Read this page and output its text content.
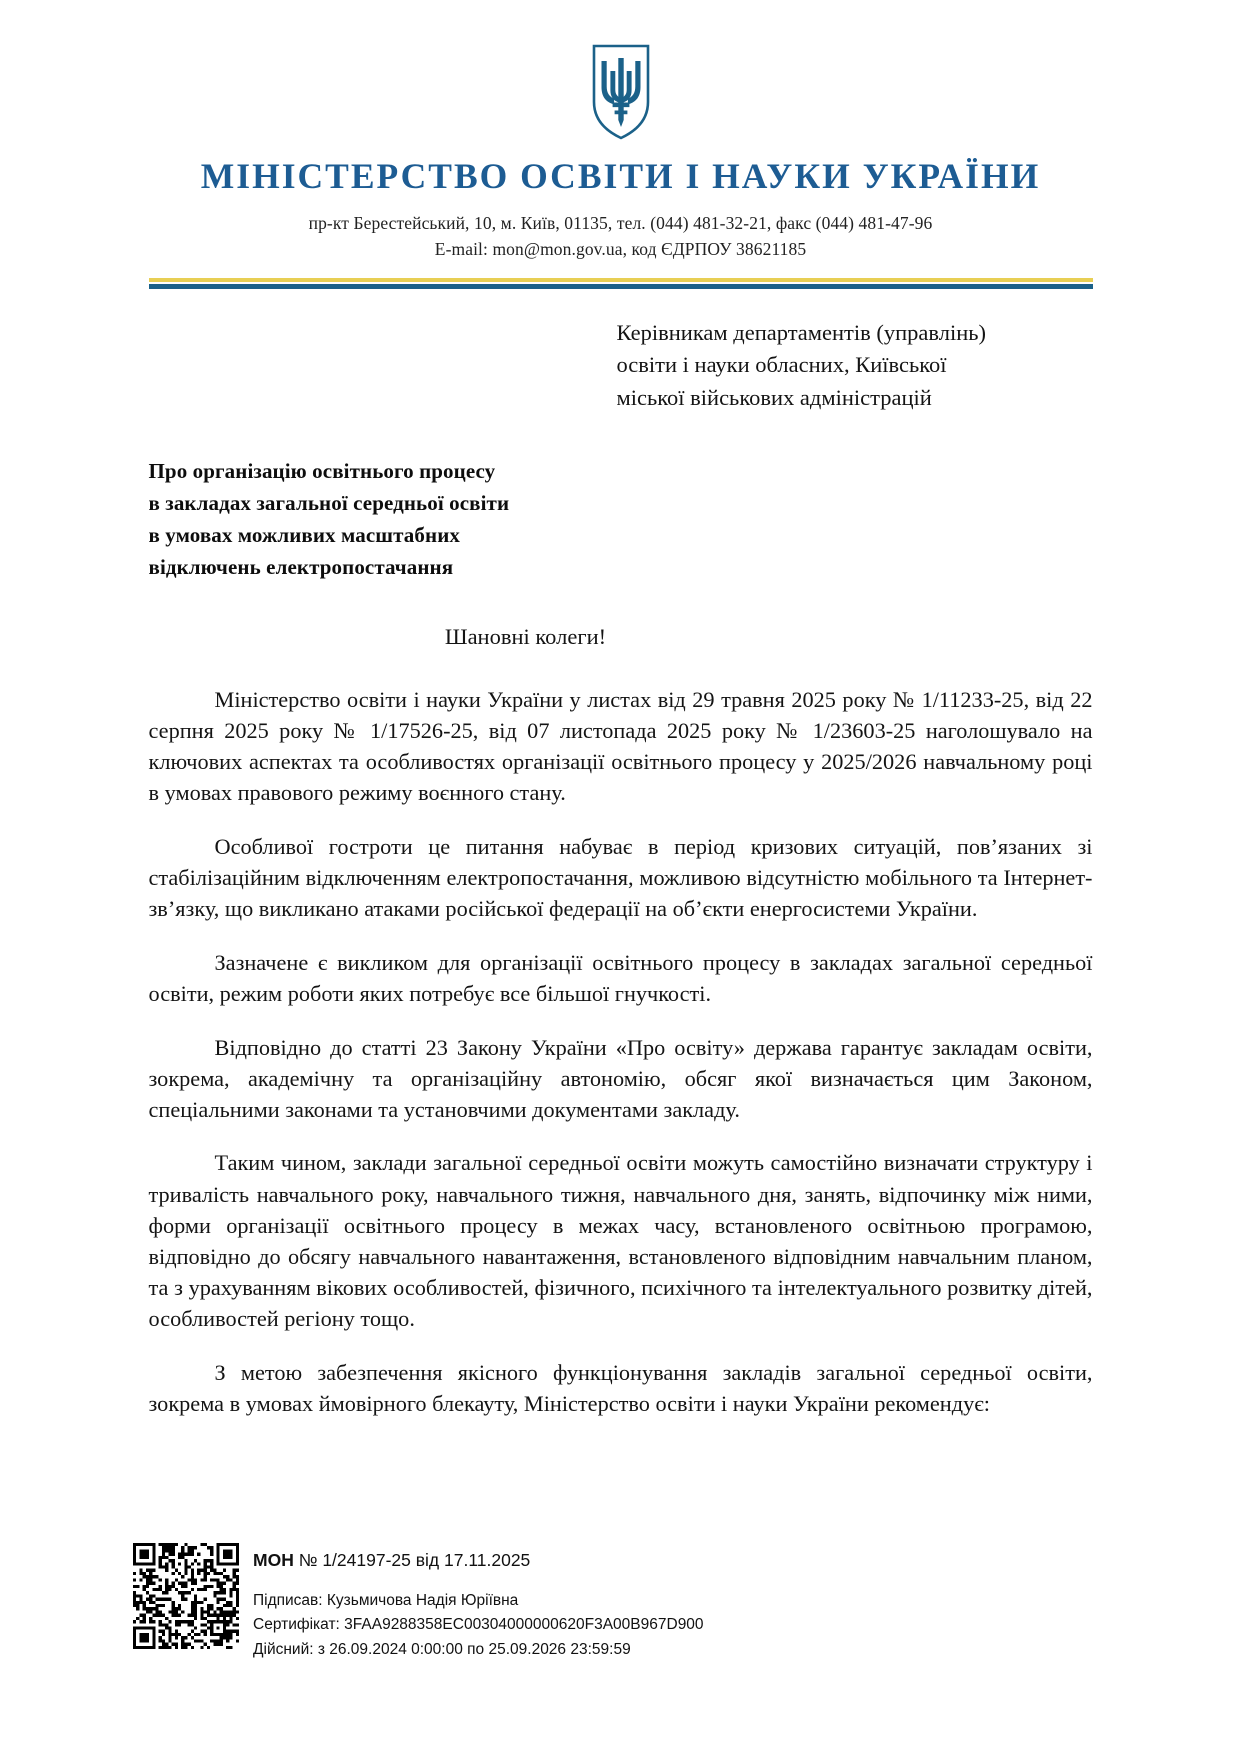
МІНІСТЕРСТВО ОСВІТИ І НАУКИ УКРАЇНИ
пр-кт Берестейський, 10, м. Київ, 01135, тел. (044) 481-32-21, факс (044) 481-47-96
E-mail: mon@mon.gov.ua, код ЄДРПОУ 38621185
Керівникам департаментів (управлінь)
освіти і науки обласних, Київської
міської військових адміністрацій
Про організацію освітнього процесу
в закладах загальної середньої освіти
в умовах можливих масштабних
відключень електропостачання
Шановні колеги!

Міністерство освіти і науки України у листах від 29 травня 2025 року № 1/11233-25, від 22 серпня 2025 року № 1/17526-25, від 07 листопада 2025 року № 1/23603-25 наголошувало на ключових аспектах та особливостях організації освітнього процесу у 2025/2026 навчальному році в умовах правового режиму воєнного стану.

Особливої гостроти це питання набуває в період кризових ситуацій, пов’язаних зі стабілізаційним відключенням електропостачання, можливою відсутністю мобільного та Інтернет-зв’язку, що викликано атаками російської федерації на об’єкти енергосистеми України.

Зазначене є викликом для організації освітнього процесу в закладах загальної середньої освіти, режим роботи яких потребує все більшої гнучкості.

Відповідно до статті 23 Закону України «Про освіту» держава гарантує закладам освіти, зокрема, академічну та організаційну автономію, обсяг якої визначається цим Законом, спеціальними законами та установчими документами закладу.

Таким чином, заклади загальної середньої освіти можуть самостійно визначати структуру і тривалість навчального року, навчального тижня, навчального дня, занять, відпочинку між ними, форми організації освітнього процесу в межах часу, встановленого освітньою програмою, відповідно до обсягу навчального навантаження, встановленого відповідним навчальним планом, та з урахуванням вікових особливостей, фізичного, психічного та інтелектуального розвитку дітей, особливостей регіону тощо.

З метою забезпечення якісного функціонування закладів загальної середньої освіти, зокрема в умовах ймовірного блекауту, Міністерство освіти і науки України рекомендує:

МОН № 1/24197-25 від 17.11.2025
Підписав: Кузьмичова Надія Юріївна
Сертифікат: 3FAA9288358EC00304000000620F3A00B967D900
Дійсний: з 26.09.2024 0:00:00 по 25.09.2026 23:59:59
